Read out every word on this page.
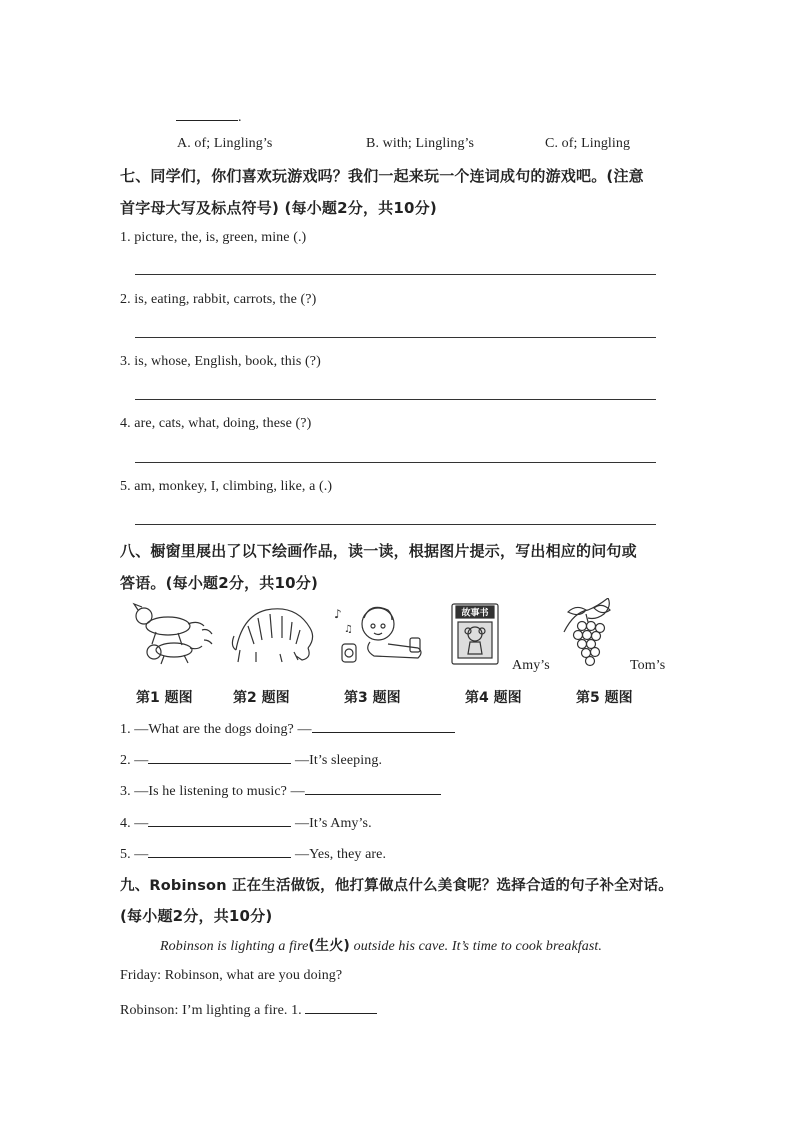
.
A. of; Lingling’s	B. with; Lingling’s	C. of; Lingling
七、同学们，你们喜欢玩游戏吗？我们一起来玩一个连词成句的游戏吧。(注意
首字母大写及标点符号) (每小题2分，共10分)
1. picture, the, is, green, mine (.)
2. is, eating, rabbit, carrots, the (?)
3. is, whose, English, book, this (?)
4. are, cats, what, doing, these (?)
5. am, monkey, I, climbing, like, a (.)
八、橱窗里展出了以下绘画作品，读一读，根据图片提示，写出相应的问句或
答语。(每小题2分，共10分)
♪
♫
故事书
Amy’s	Tom’s
第1 题图	第2 题图	第3 题图	第4 题图	第5 题图
1. —What are the dogs doing? —
2. —	—It’s sleeping.
3. —Is he listening to music? —
4. —	—It’s Amy’s.
5. —	—Yes, they are.
九、Robinson 正在生活做饭，他打算做点什么美食呢？选择合适的句子补全对话。
(每小题2分，共10分)
Robinson is lighting a fire(生火) outside his cave. It’s time to cook breakfast.
Friday: Robinson, what are you doing?
Robinson: I’m lighting a fire. 1.
